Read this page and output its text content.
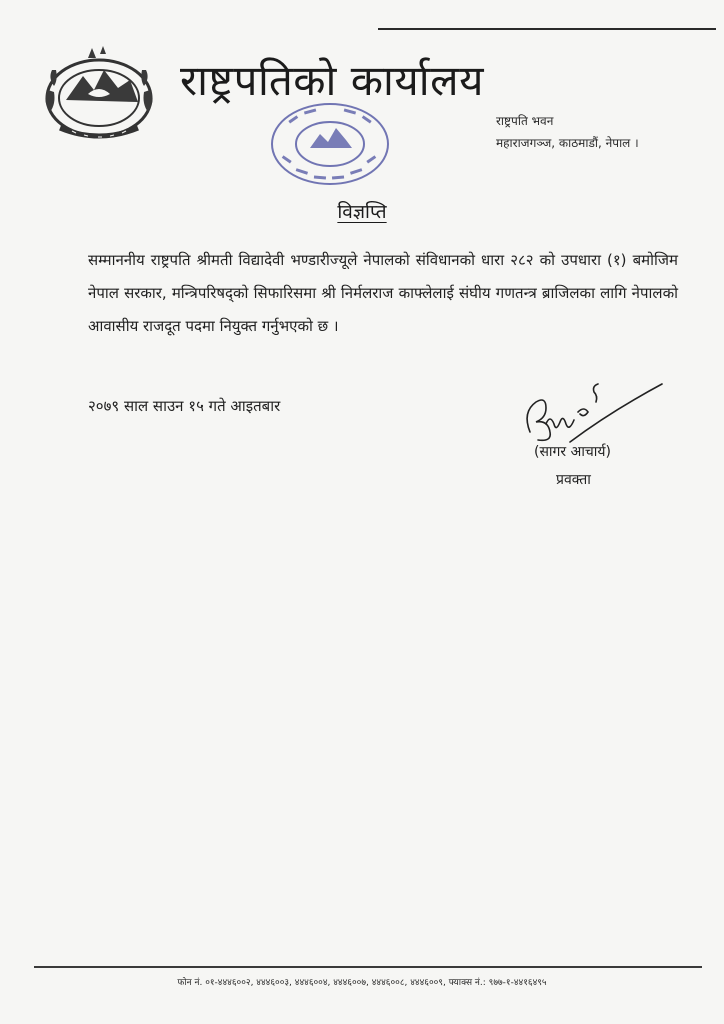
राष्ट्रपतिको कार्यालय
राष्ट्रपति भवन
महाराजगञ्ज, काठमाडौं, नेपाल ।
विज्ञप्ति
सम्माननीय राष्ट्रपति श्रीमती विद्यादेवी भण्डारीज्यूले नेपालको संविधानको धारा २८२ को उपधारा (१) बमोजिम नेपाल सरकार, मन्त्रिपरिषद्को सिफारिसमा श्री निर्मलराज काफ्लेलाई संघीय गणतन्त्र ब्राजिलका लागि नेपालको आवासीय राजदूत पदमा नियुक्त गर्नुभएको छ ।
२०७९ साल साउन १५ गते आइतबार
(सागर आचार्य)
प्रवक्ता
फोन नं. ०१-४४४६००२, ४४४६००३, ४४४६००४, ४४४६००७, ४४४६००८, ४४४६००९, फ्याक्स नं.: ९७७-१-४४१६४९५
